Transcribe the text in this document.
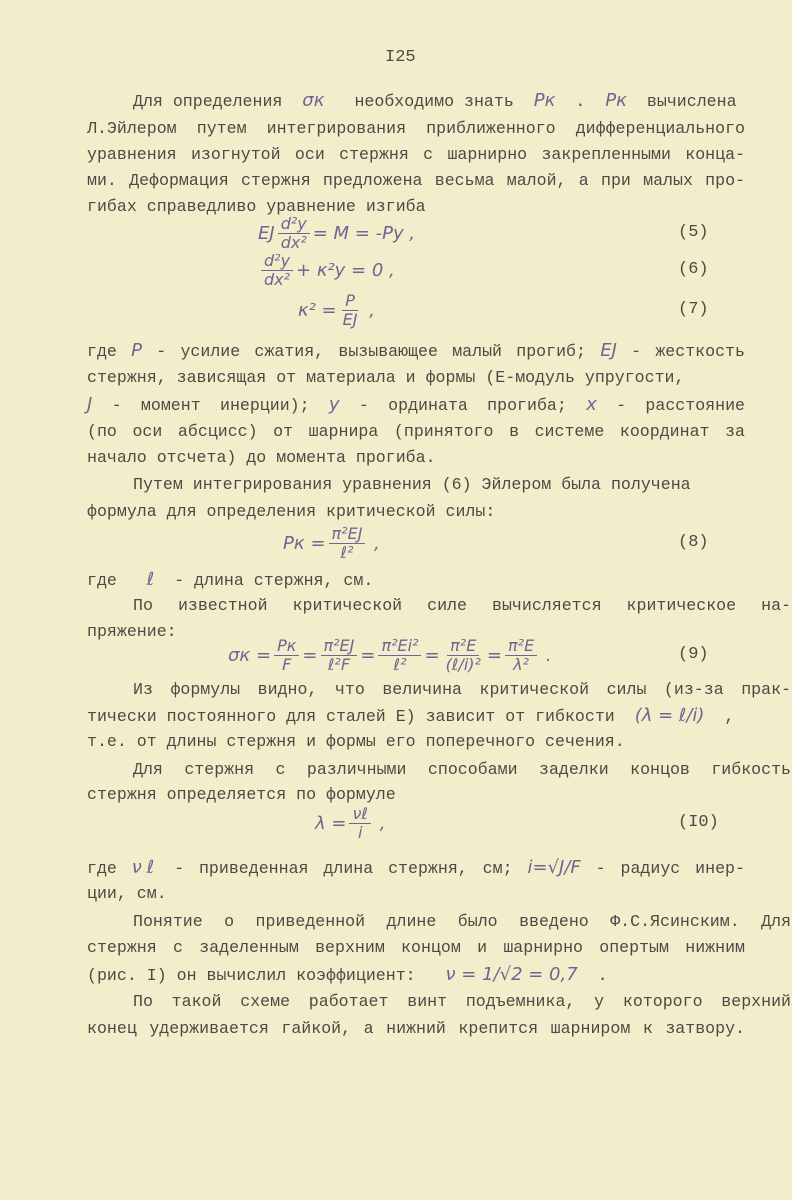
I25
Для определения  σк   необходимо знать  Pк  .  Pк  вычислена
Л.Эйлером путем интегрирования приближенного дифференциального
уравнения изогнутой оси стержня с шарнирно закрепленными конца-
ми. Деформация стержня предложена весьма малой, а при малых про-
гибах справедливо уравнение изгиба
где P - усилие сжатия, вызывающее малый прогиб; EJ - жесткость
стержня, зависящая от материала и формы (Е-модуль упругости,
J - момент инерции); y - ордината прогиба; x - расстояние
(по оси абсцисс) от шарнира (принятого в системе координат за
начало отсчета) до момента прогиба.
Путем интегрирования уравнения (6) Эйлером была получена
формула для определения критической силы:
где   ℓ  - длина стержня, см.
По известной критической силе вычисляется критическое на-
пряжение:
Из формулы видно, что величина критической силы (из-за прак-
тически постоянного для сталей Е) зависит от гибкости  (λ = ℓ/i)  ,
т.е. от длины стержня и формы его поперечного сечения.
Для стержня с различными способами заделки концов гибкость
стержня определяется по формуле
где νℓ - приведенная длина стержня, см; i=√J/F - радиус инер-
ции, см.
Понятие о приведенной длине было введено Ф.С.Ясинским. Для
стержня с заделенным верхним концом и шарнирно опертым нижним
(рис. I) он вычислил коэффициент:   ν = 1/√2 = 0,7  .
По такой схеме работает винт подъемника, у которого верхний
конец удерживается гайкой, а нижний крепится шарниром к затвору.
EJ $\frac{\text{d²y}}{\text{dx²}} = M = -Py$ ,	(5)
$\frac{\text{d²y}}{\text{dx²}} + \kappa^2y = 0$ ,	(6)
$\kappa^2 = \frac{P}{EJ}$ ,	(7)
Pк = π²EJ
ℓ² ,	(8)
σк = Pк
F = π²EJ
ℓ²F = π²Ei²
ℓ² = π²E
(ℓ/i)² = $\frac{\text{π²E}}{\text{λ²}}$ .	(9)
λ = νℓ
i ,	(I0)
